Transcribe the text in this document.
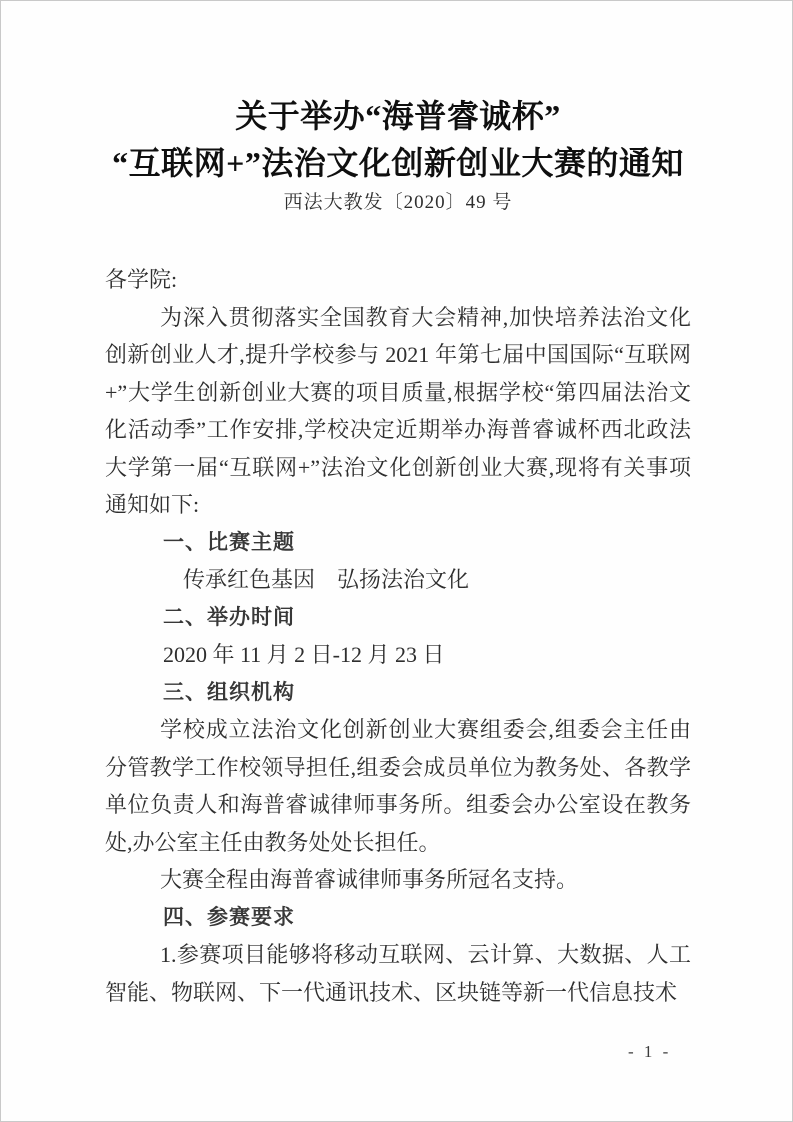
关于举办“海普睿诚杯”
“互联网+”法治文化创新创业大赛的通知
西法大教发〔2020〕49 号

各学院:

为深入贯彻落实全国教育大会精神,加快培养法治文化创新创业人才,提升学校参与 2021 年第七届中国国际“互联网+”大学生创新创业大赛的项目质量,根据学校“第四届法治文化活动季”工作安排,学校决定近期举办海普睿诚杯西北政法大学第一届“互联网+”法治文化创新创业大赛,现将有关事项通知如下:

一、比赛主题

传承红色基因　弘扬法治文化

二、举办时间

2020 年 11 月 2 日-12 月 23 日

三、组织机构

学校成立法治文化创新创业大赛组委会,组委会主任由分管教学工作校领导担任,组委会成员单位为教务处、各教学单位负责人和海普睿诚律师事务所。组委会办公室设在教务处,办公室主任由教务处处长担任。

大赛全程由海普睿诚律师事务所冠名支持。

四、参赛要求

1.参赛项目能够将移动互联网、云计算、大数据、人工智能、物联网、下一代通讯技术、区块链等新一代信息技术

- 1 -
